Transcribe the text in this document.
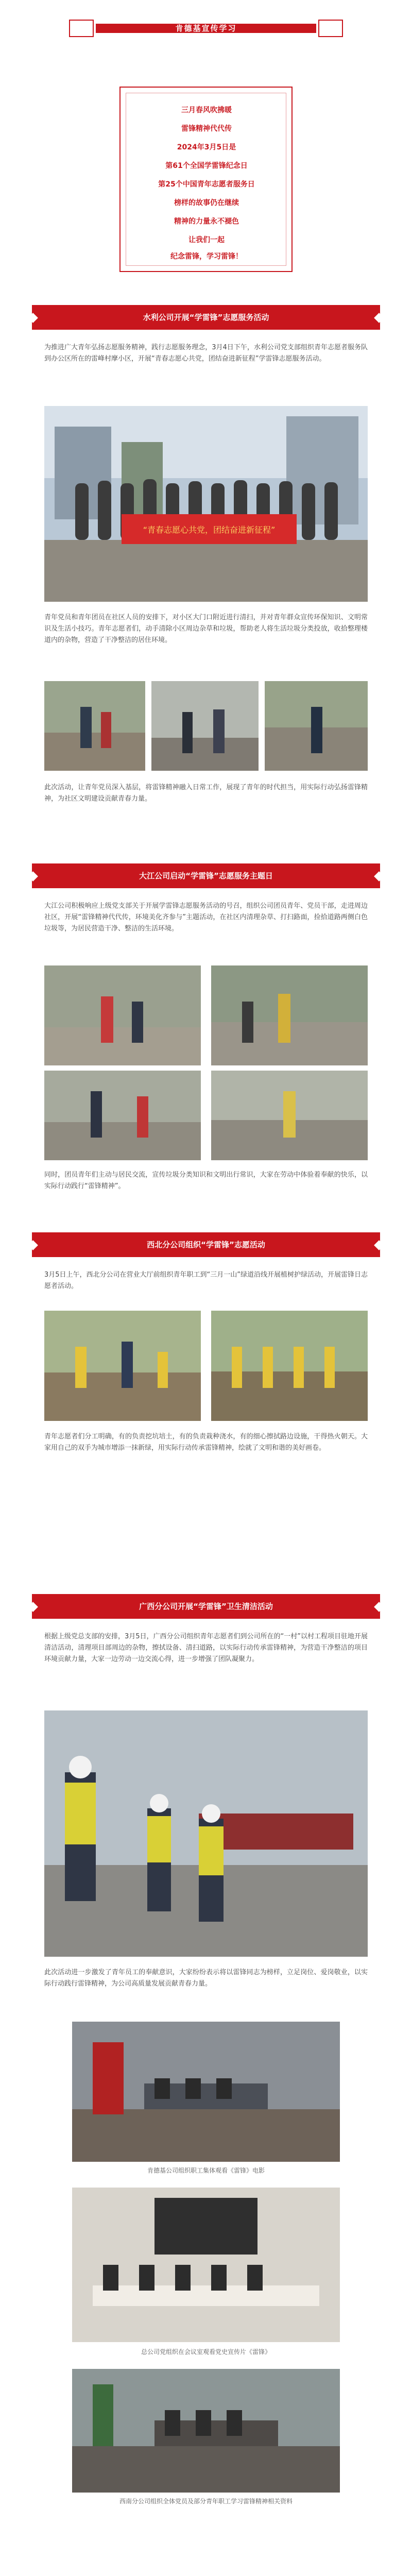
肯德基宣传学习
三月春风吹拂暖
雷锋精神代代传
2024年3月5日是
第61个全国学雷锋纪念日
第25个中国青年志愿者服务日
榜样的故事仍在继续
精神的力量永不褪色
让我们一起
纪念雷锋，学习雷锋！
水利公司开展“学雷锋”志愿服务活动
为推进广大青年弘扬志愿服务精神，践行志愿服务理念，3月4日下午，水利公司党支部组织青年志愿者服务队到办公区所在的雷峰村摩小区，开展“青春志愿心共党，团结奋进新征程”学雷锋志愿服务活动。
“青春志愿心共党，团结奋进新征程”
青年党员和青年团员在社区人员的安排下，对小区大门口附近进行清扫，并对青年群众宣传环保知识、文明常识及生活小技巧。青年志愿者们，动手清除小区周边杂草和垃圾，帮助老人将生活垃圾分类投放，收拾整理楼道内的杂物，营造了干净整洁的居住环境。
此次活动，让青年党员深入基层，将雷锋精神融入日常工作，展现了青年的时代担当，用实际行动弘扬雷锋精神，为社区文明建设贡献青春力量。
大江公司启动“学雷锋”志愿服务主题日
大江公司积极响应上级党支部关于开展学雷锋志愿服务活动的号召，组织公司团员青年、党员干部，走进周边社区，开展“雷锋精神代代传，环境美化齐参与”主题活动，在社区内清理杂草、打扫路面，捡拾道路两侧白色垃圾等，为居民营造干净、整洁的生活环境。
同时，团员青年们主动与居民交流，宣传垃圾分类知识和文明出行常识，大家在劳动中体验着奉献的快乐，以实际行动践行“雷锋精神”。
西北分公司组织“学雷锋”志愿活动
3月5日上午，西北分公司在营业大厅前组织青年职工到“三月一山”绿道沿线开展植树护绿活动，开展雷锋日志愿者活动。
青年志愿者们分工明确，有的负责挖坑培土，有的负责栽种浇水，有的细心擦拭路边设施，干得热火朝天。大家用自己的双手为城市增添一抹新绿，用实际行动传承雷锋精神，绘就了文明和谐的美好画卷。
广西分公司开展“学雷锋”卫生清洁活动
根据上级党总支部的安排，3月5日，广西分公司组织青年志愿者们到公司所在的“一村”以村工程项目驻地开展清洁活动，清理项目部周边的杂物，擦拭设备、清扫道路，以实际行动传承雷锋精神，为营造干净整洁的项目环境贡献力量，大家一边劳动一边交流心得，进一步增强了团队凝聚力。
此次活动进一步激发了青年员工的奉献意识，大家纷纷表示将以雷锋同志为榜样，立足岗位、爱岗敬业，以实际行动践行雷锋精神，为公司高质量发展贡献青春力量。
肯德基公司组织职工集体观看《雷锋》电影
总公司党组织在会议室观看党史宣传片《雷锋》
西南分公司组织全体党员及部分青年职工学习雷锋精神相关资料
